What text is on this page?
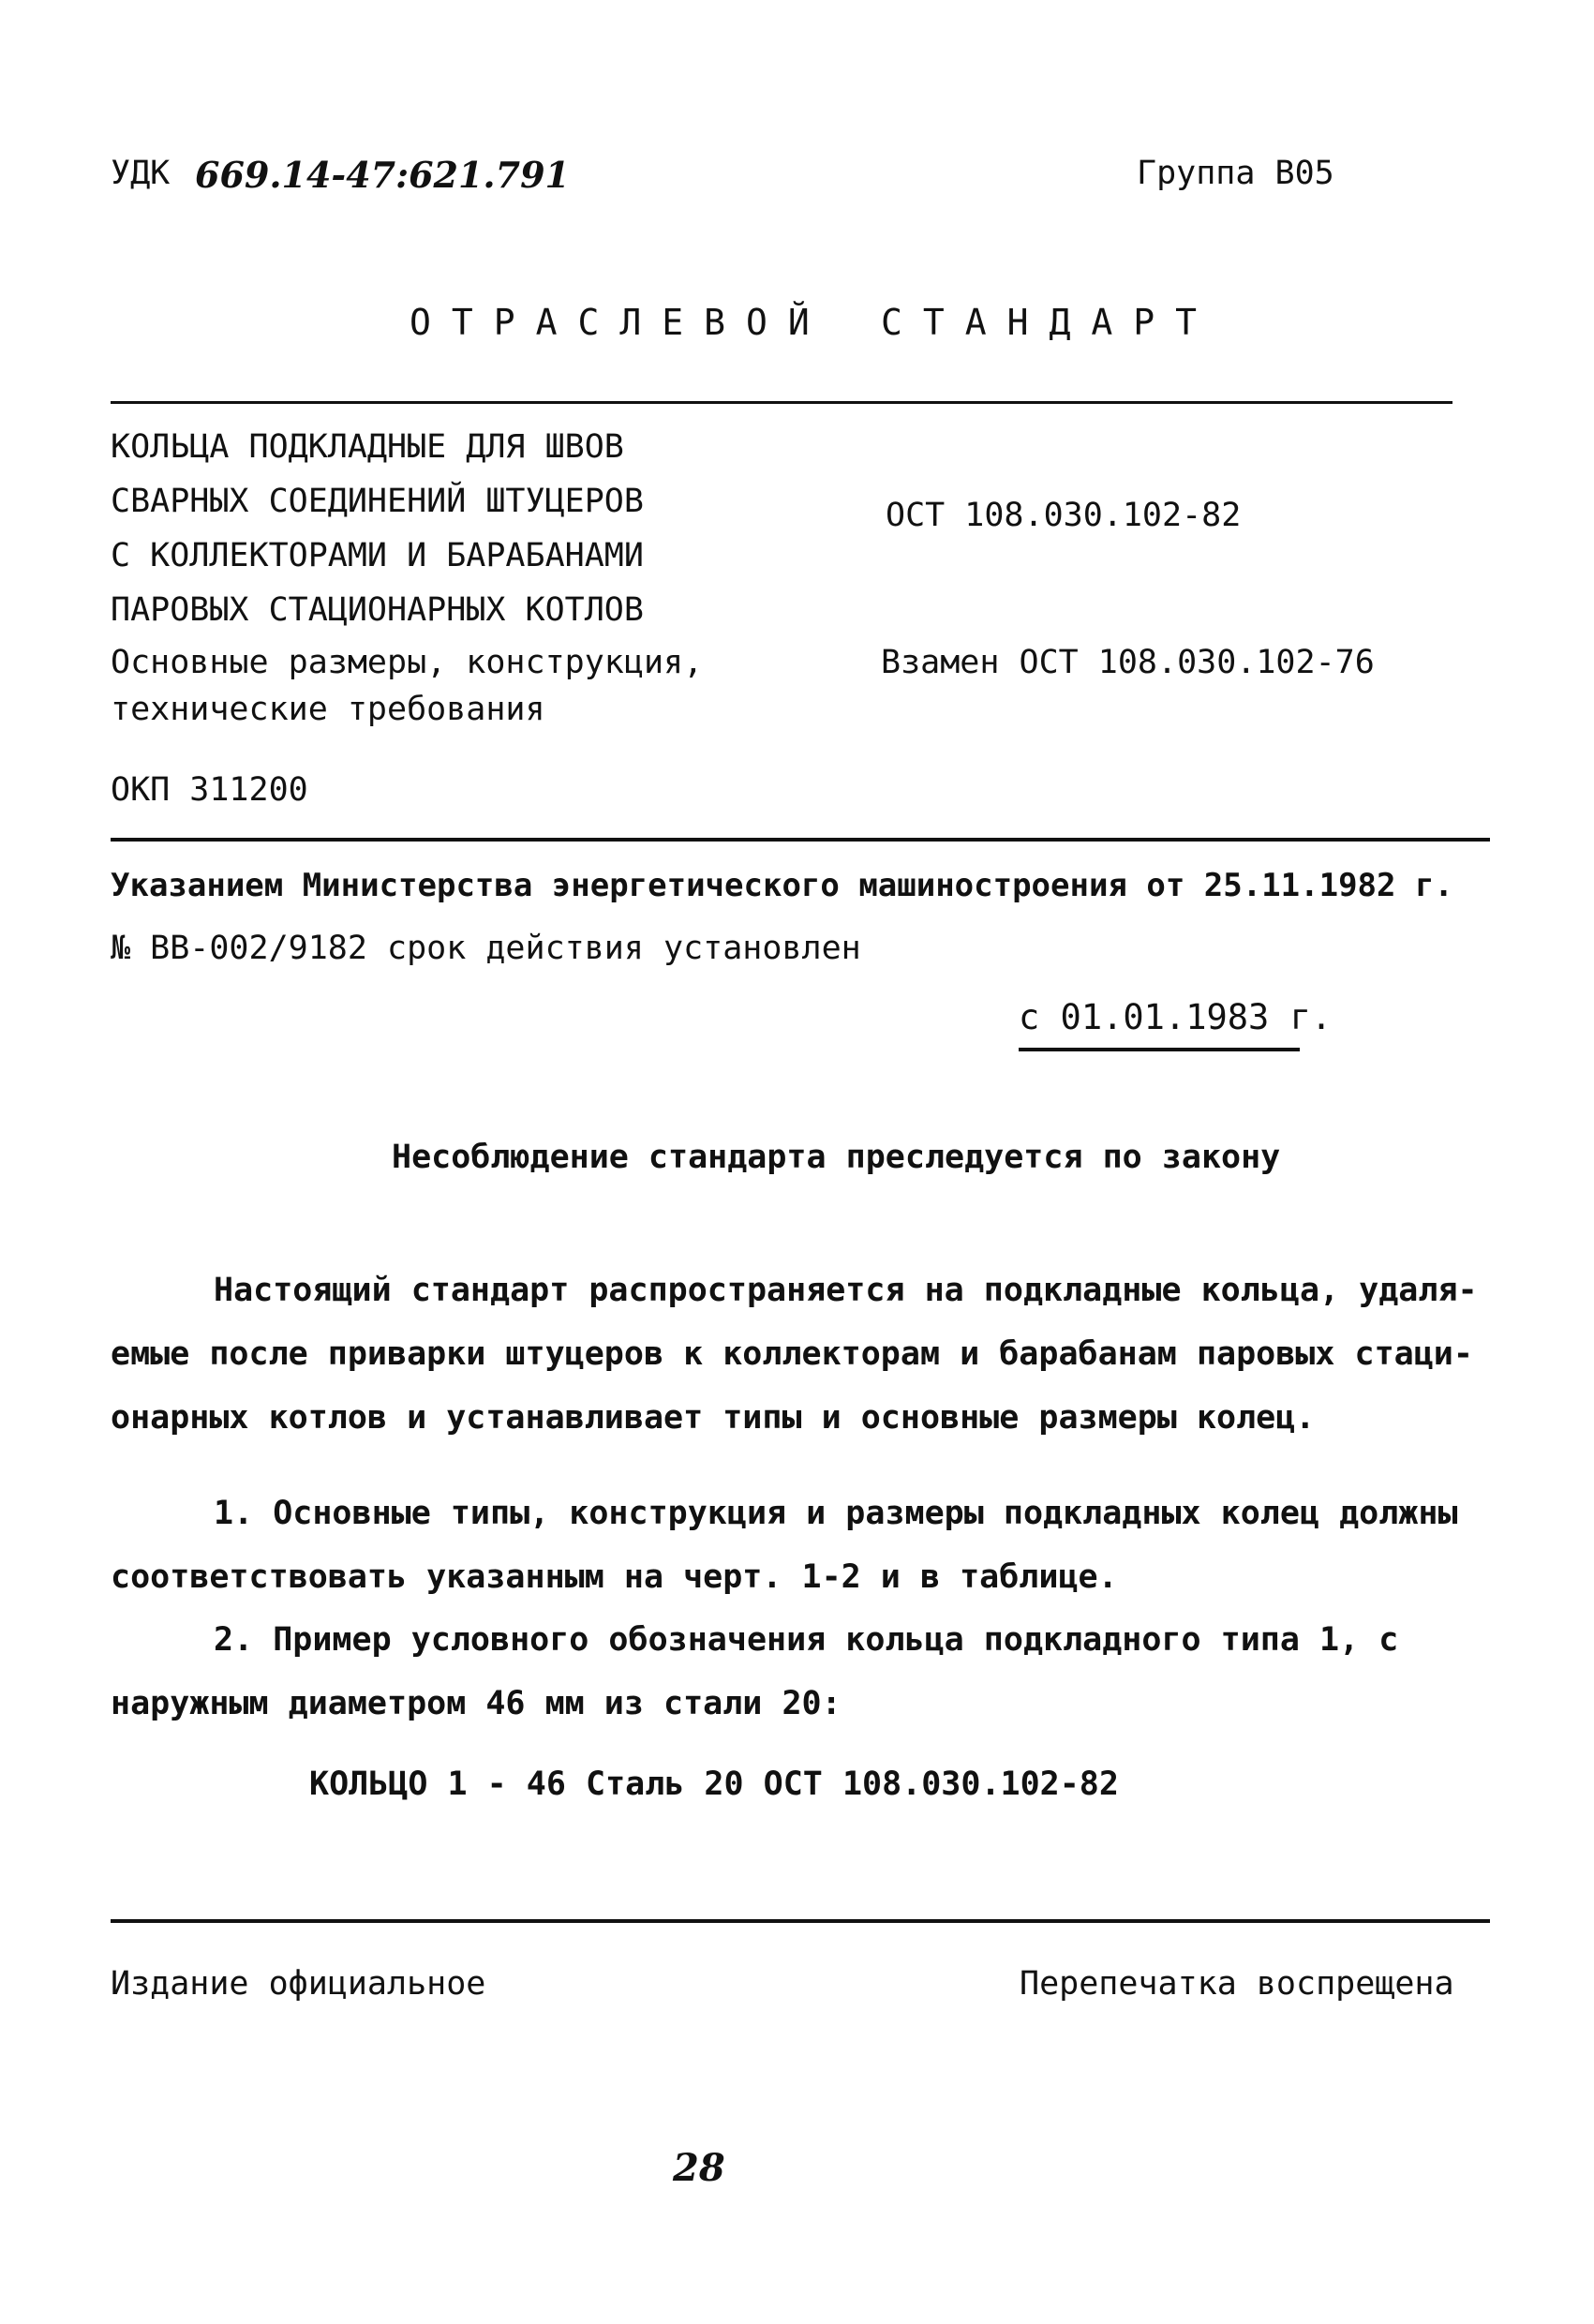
УДК 669.14-47:621.791	Группа В05
ОТРАСЛЕВОЙ СТАНДАРТ
КОЛЬЦА ПОДКЛАДНЫЕ ДЛЯ ШВОВ
СВАРНЫХ СОЕДИНЕНИЙ ШТУЦЕРОВ
С КОЛЛЕКТОРАМИ И БАРАБАНАМИ
ПАРОВЫХ СТАЦИОНАРНЫХ КОТЛОВ
ОСТ 108.030.102-82
Основные размеры, конструкция,
технические требования
Взамен ОСТ 108.030.102-76
ОКП 311200
Указанием Министерства энергетического машиностроения от 25.11.1982 г.
№ ВВ-002/9182 срок действия установлен
с 01.01.1983 г.
Несоблюдение стандарта преследуется по закону
Настоящий стандарт распространяется на подкладные кольца, удаля-
емые после приварки штуцеров к коллекторам и барабанам паровых стаци-
онарных котлов и устанавливает типы и основные размеры колец.
1. Основные типы, конструкция и размеры подкладных колец должны
соответствовать указанным на черт. 1-2 и в таблице.
2. Пример условного обозначения кольца подкладного типа 1, с
наружным диаметром 46 мм из стали 20:
КОЛЬЦО 1 - 46 Сталь 20 ОСТ 108.030.102-82
Издание официальное	Перепечатка воспрещена
28
